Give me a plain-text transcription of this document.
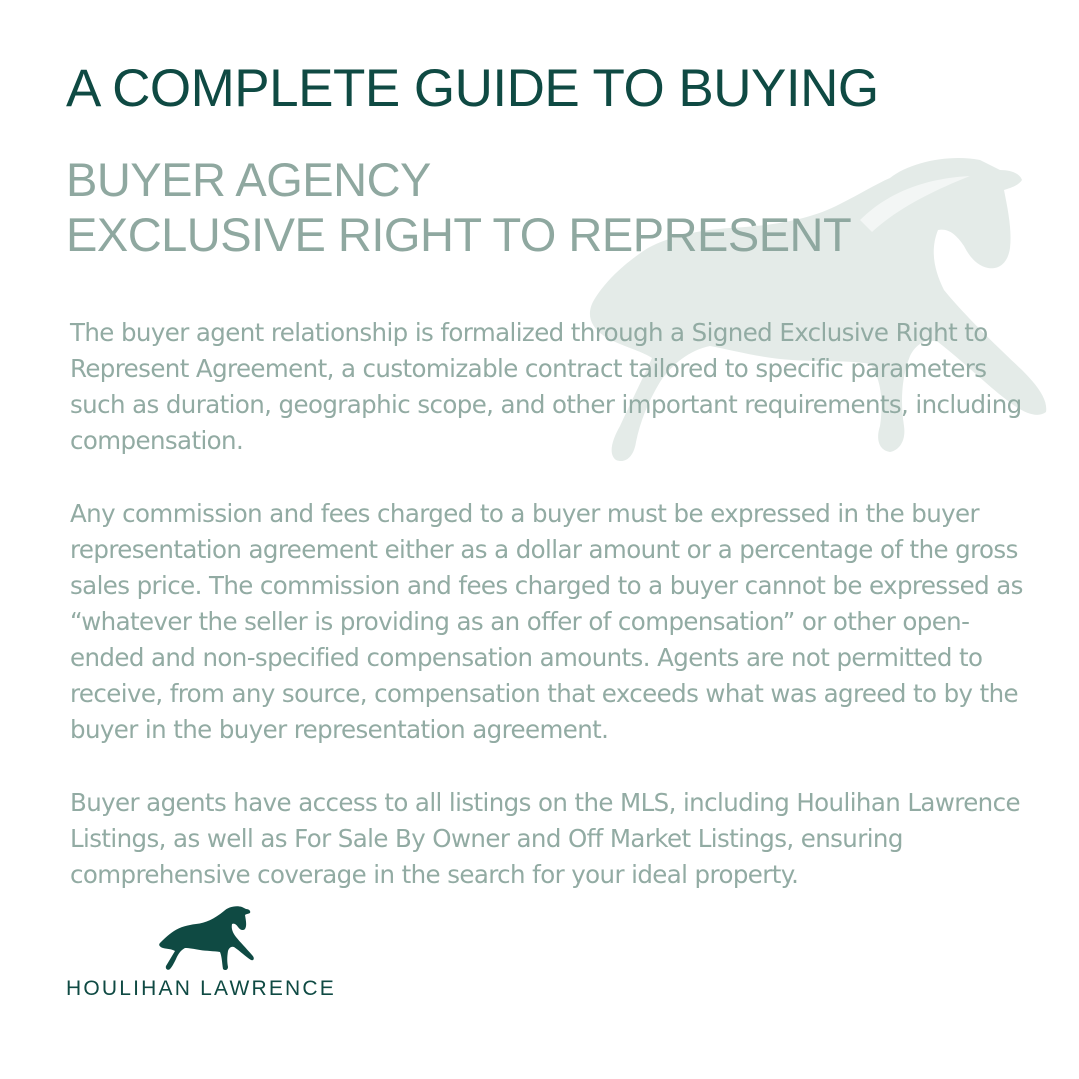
A COMPLETE GUIDE TO BUYING
BUYER AGENCY
EXCLUSIVE RIGHT TO REPRESENT

The buyer agent relationship is formalized through a Signed Exclusive Right to Represent Agreement, a customizable contract tailored to specific parameters such as duration, geographic scope, and other important requirements, including compensation.

Any commission and fees charged to a buyer must be expressed in the buyer representation agreement either as a dollar amount or a percentage of the gross sales price. The commission and fees charged to a buyer cannot be expressed as “whatever the seller is providing as an offer of compensation” or other open-ended and non-specified compensation amounts. Agents are not permitted to receive, from any source, compensation that exceeds what was agreed to by the buyer in the buyer representation agreement.

Buyer agents have access to all listings on the MLS, including Houlihan Lawrence Listings, as well as For Sale By Owner and Off Market Listings, ensuring comprehensive coverage in the search for your ideal property.

HOULIHAN LAWRENCE
